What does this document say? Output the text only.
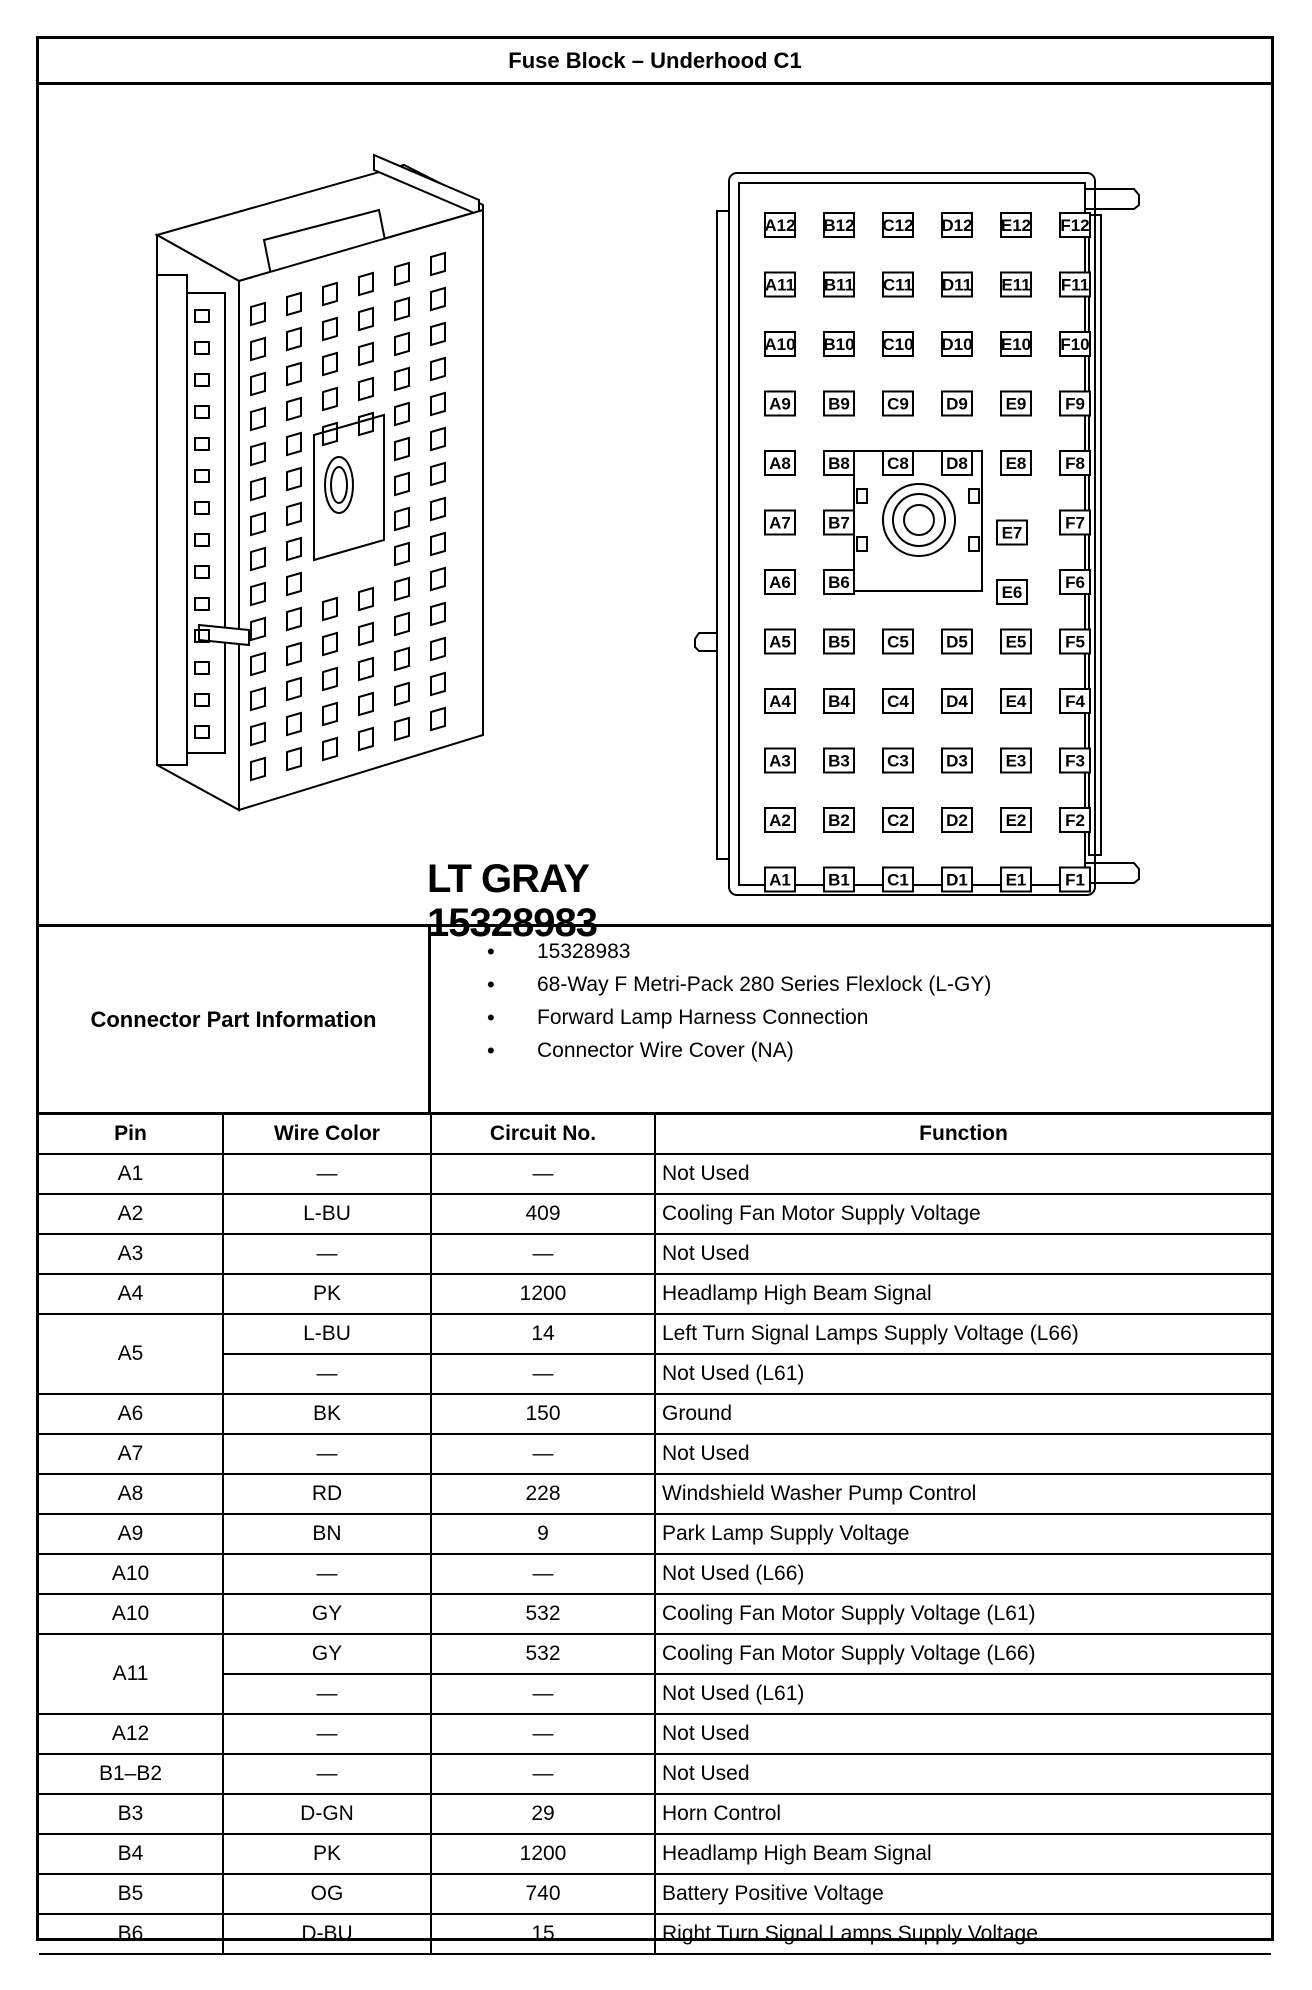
Fuse Block – Underhood C1
A12 B12 C12 D12 E12 F12
A11 B11 C11 D11 E11 F11
A10 B10 C10 D10 E10 F10
A9 B9 C9 D9 E9 F9
A8 B8 C8 D8 E8 F8
A7 B7
E7
F7
A6 B6
E6
F6
A5 B5 C5 D5 E5 F5
A4 B4 C4 D4 E4 F4
A3 B3 C3 D3 E3 F3
A2 B2 C2 D2 E2 F2
A1 B1 C1 D1 E1 F1
LT GRAY
15328983
Connector Part Information
• 15328983
• 68-Way F Metri-Pack 280 Series Flexlock (L-GY)
• Forward Lamp Harness Connection
• Connector Wire Cover (NA)
Pin	Wire Color	Circuit No.	Function
A1	—	—	Not Used
A2	L-BU	409	Cooling Fan Motor Supply Voltage
A3	—	—	Not Used
A4	PK	1200	Headlamp High Beam Signal
A5	L-BU	14	Left Turn Signal Lamps Supply Voltage (L66)
	—	—	Not Used (L61)
A6	BK	150	Ground
A7	—	—	Not Used
A8	RD	228	Windshield Washer Pump Control
A9	BN	9	Park Lamp Supply Voltage
A10	—	—	Not Used (L66)
A10	GY	532	Cooling Fan Motor Supply Voltage (L61)
A11	GY	532	Cooling Fan Motor Supply Voltage (L66)
	—	—	Not Used (L61)
A12	—	—	Not Used
B1–B2	—	—	Not Used
B3	D-GN	29	Horn Control
B4	PK	1200	Headlamp High Beam Signal
B5	OG	740	Battery Positive Voltage
B6	D-BU	15	Right Turn Signal Lamps Supply Voltage
